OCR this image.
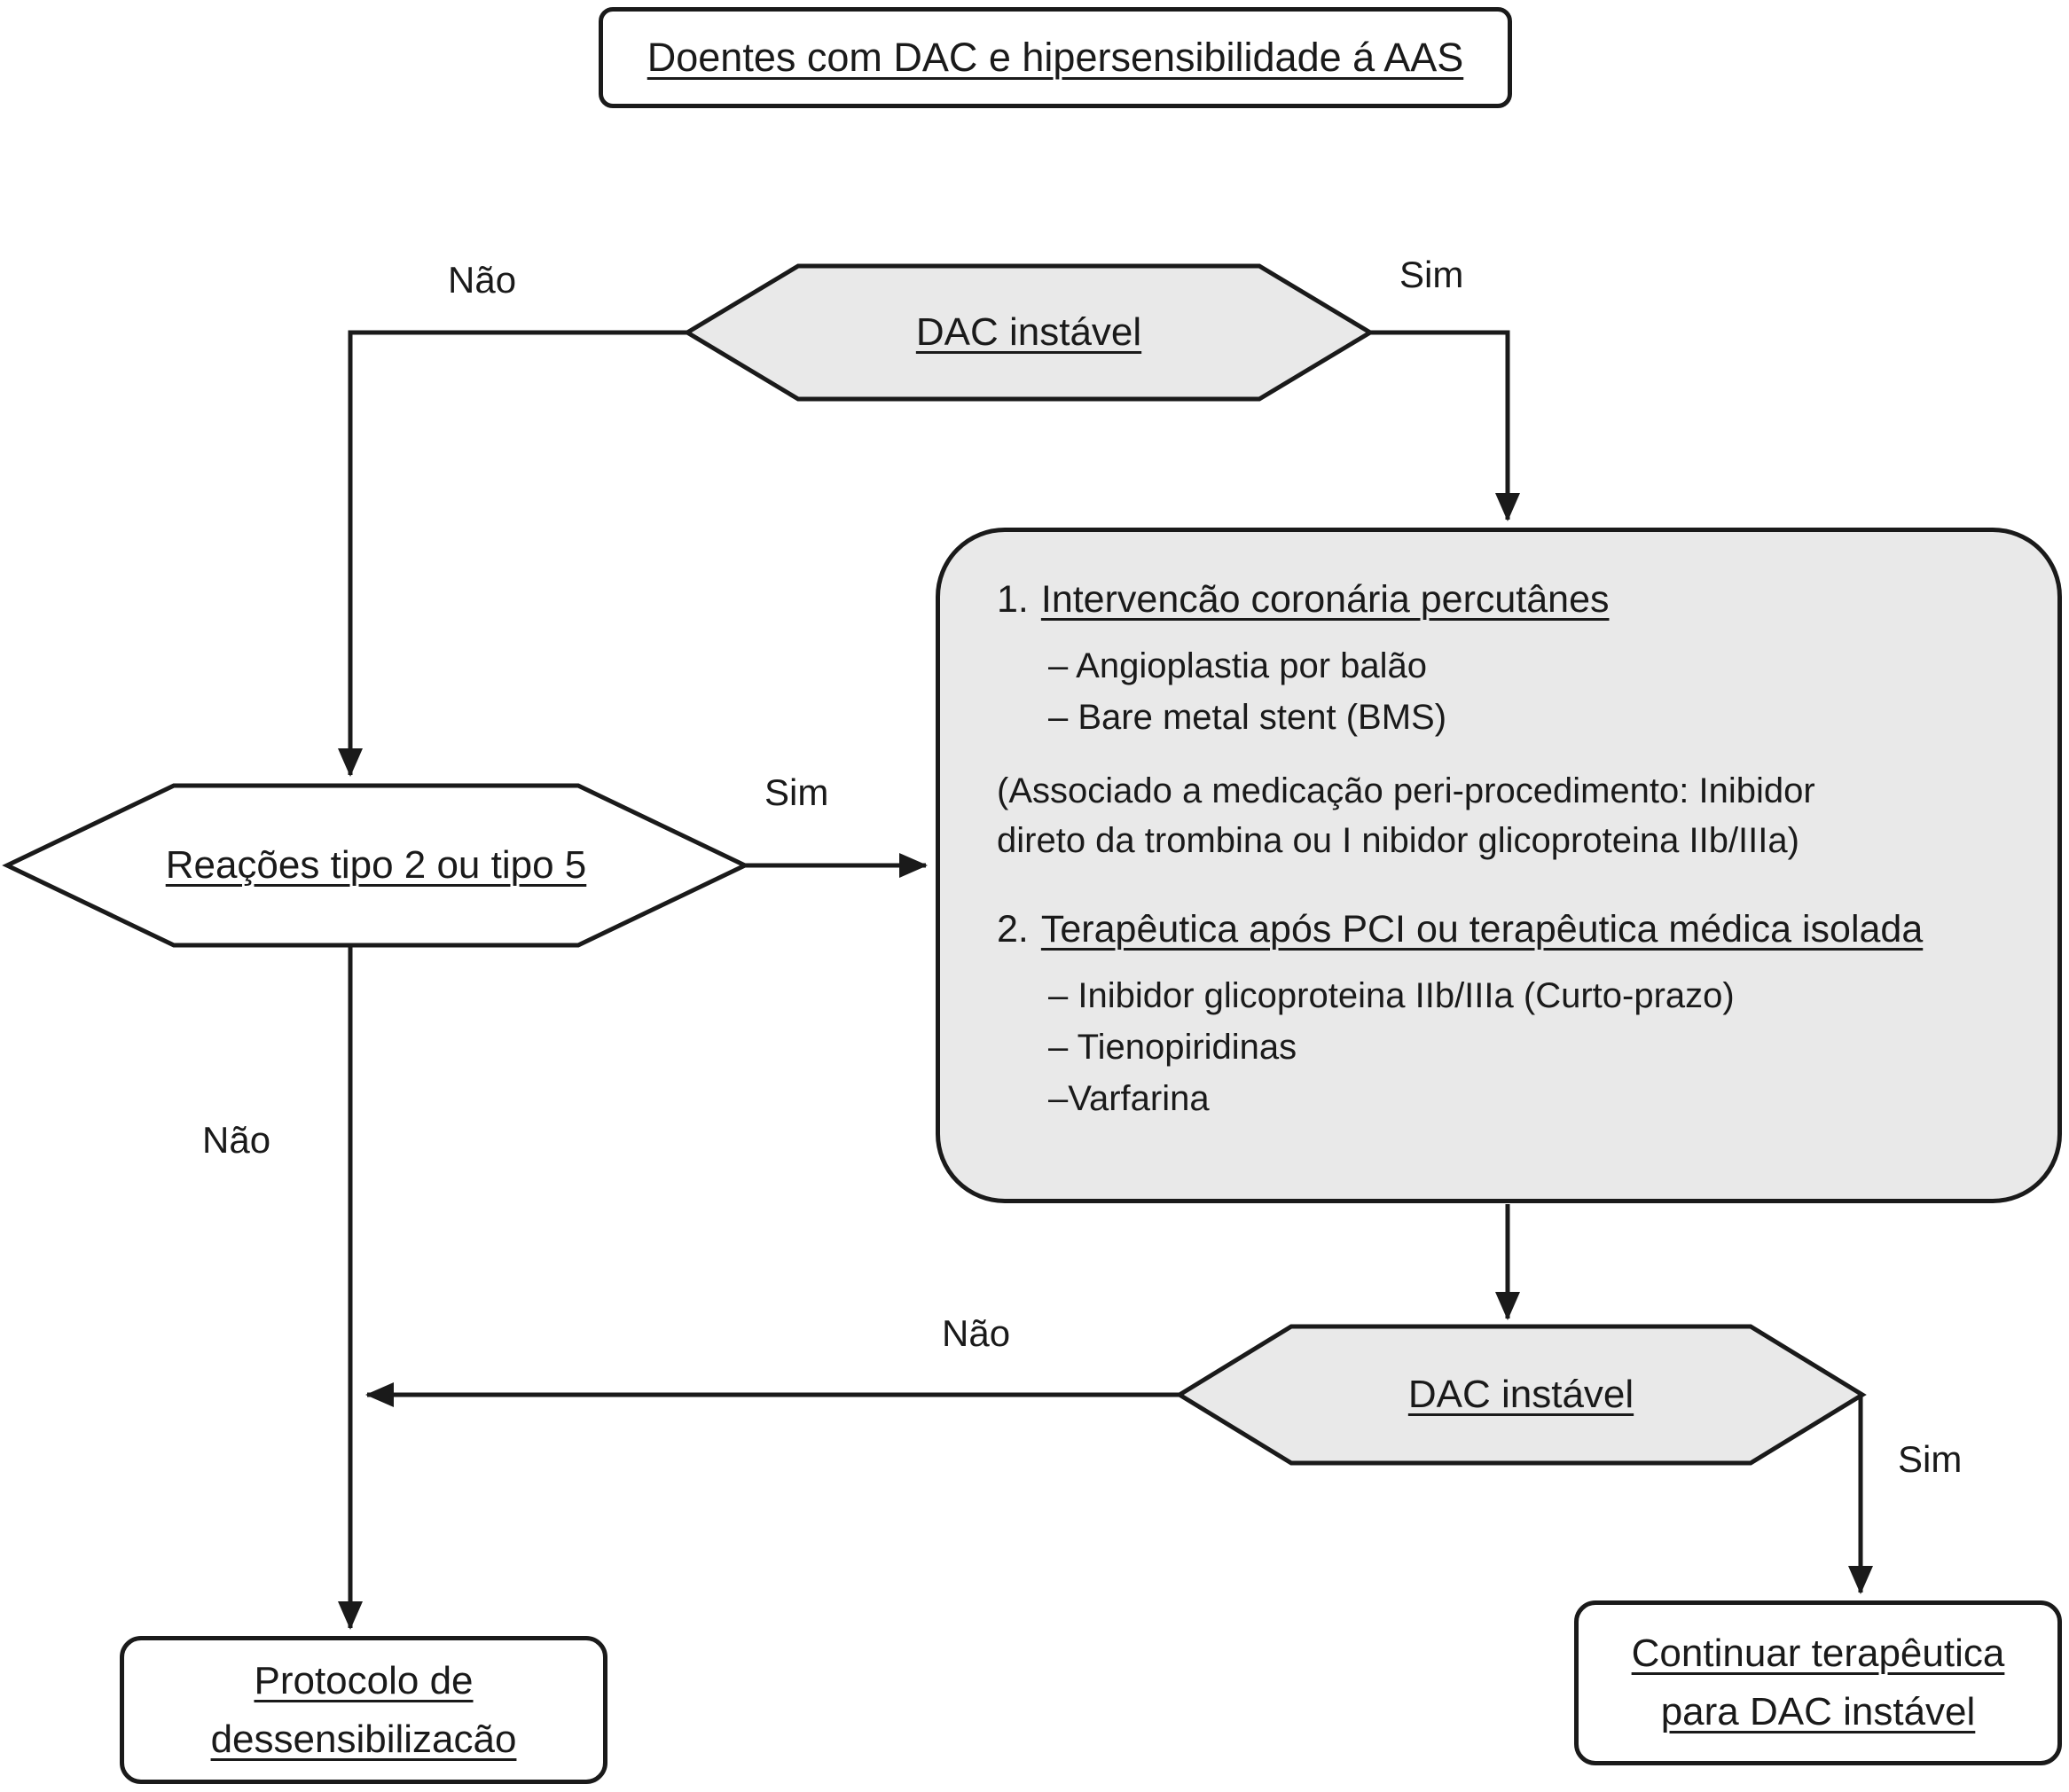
Doentes com DAC e hipersensibilidade á AAS
DAC instável
Reações tipo 2 ou tipo 5
DAC instável
1. Intervencão coronária percutânes
– Angioplastia por balão
– Bare metal stent (BMS)
(Associado a medicação peri-procedimento: Inibidor
direto da trombina ou I nibidor glicoproteina IIb/IIIa)
2. Terapêutica após PCI ou terapêutica médica isolada
– Inibidor glicoproteina IIb/IIIa (Curto-prazo)
– Tienopiridinas
–Varfarina
Protocolo de
dessensibilizacão
Continuar terapêutica
para DAC instável
Não	Sim
Sim
Não
Não
Sim
